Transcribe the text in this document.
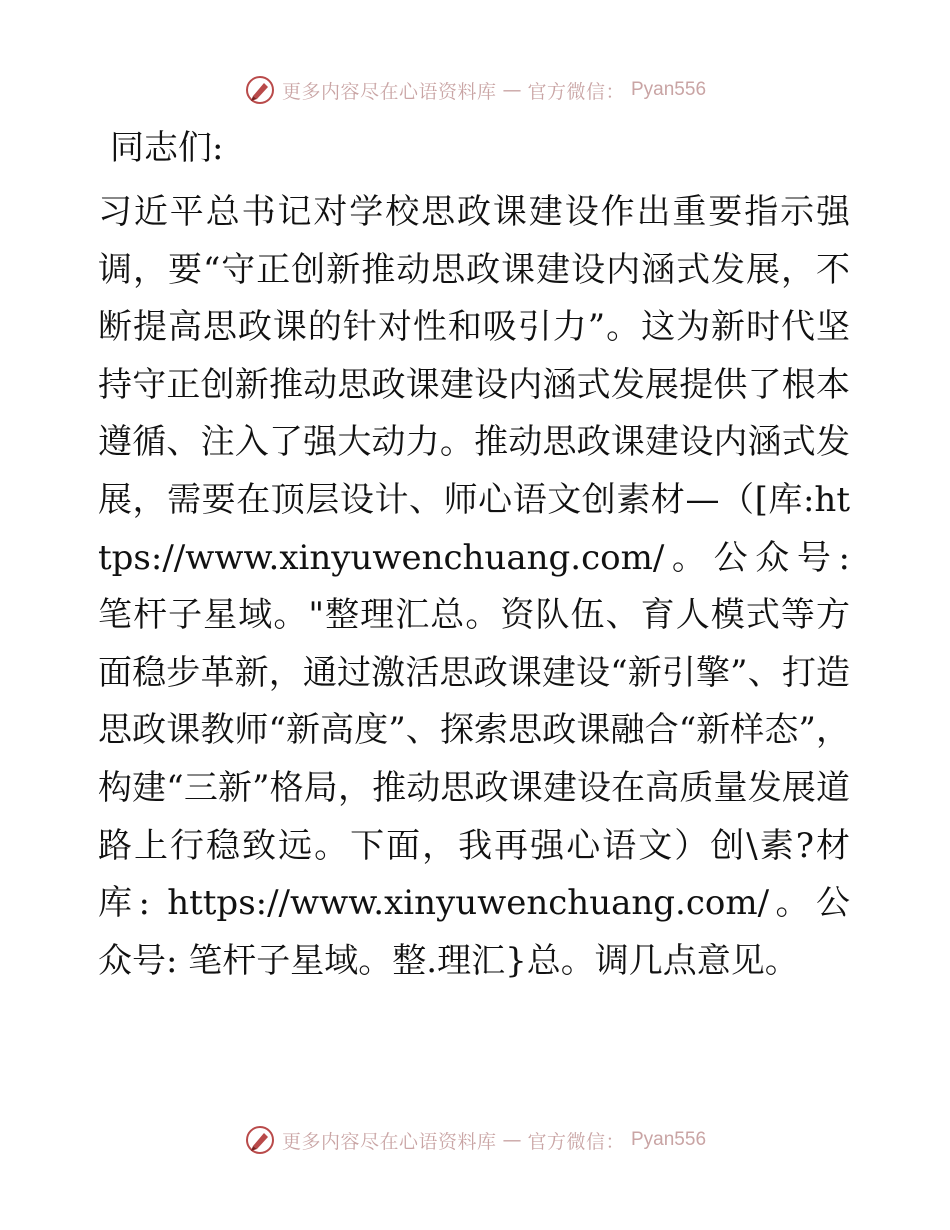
更多内容尽在心语资料库 — 官方微信： Pyan556

同志们:

习近平总书记对学校思政课建设作出重要指示强调，要“守正创新推动思政课建设内涵式发展，不断提高思政课的针对性和吸引力”。这为新时代坚持守正创新推动思政课建设内涵式发展提供了根本遵循、注入了强大动力。推动思政课建设内涵式发展，需要在顶层设计、师心语文创素材—（[库:https://www.xinyuwenchuang.com/。公众号: 笔杆子星域。"整理汇总。资队伍、育人模式等方面稳步革新，通过激活思政课建设“新引擎”、打造思政课教师“新高度”、探索思政课融合“新样态”，构建“三新”格局，推动思政课建设在高质量发展道路上行稳致远。下面，我再强心语文）创\素?材库: https://www.xinyuwenchuang.com/。公众号: 笔杆子星域。整.理汇}总。调几点意见。

更多内容尽在心语资料库 — 官方微信： Pyan556
